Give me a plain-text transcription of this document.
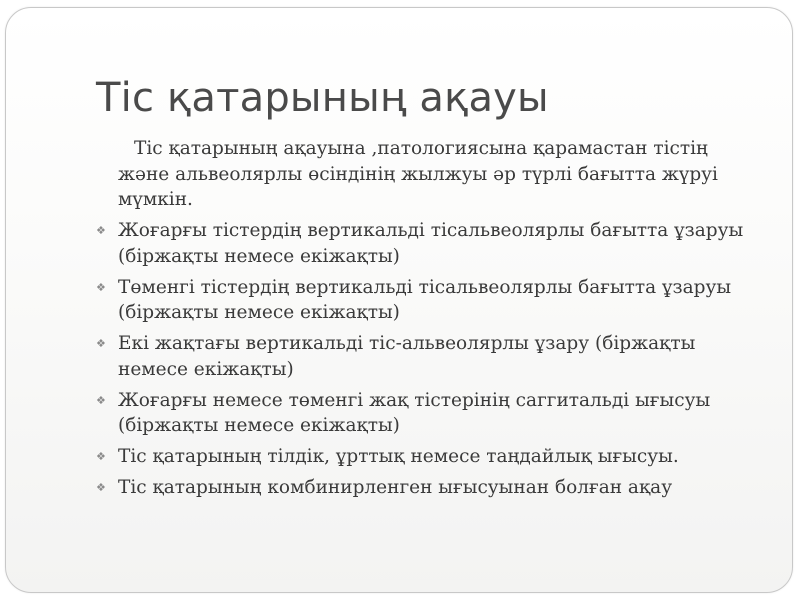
Тіс қатарының ақауы

Тіс қатарының ақауына ,патологиясына қарамастан тістің және альвеолярлы өсіндінің жылжуы әр түрлі бағытта жүруі мүмкін.

❖ Жоғарғы тістердің вертикальді тісальвеолярлы бағытта ұзаруы (біржақты немесе екіжақты)
❖ Төменгі тістердің вертикальді тісальвеолярлы бағытта ұзаруы (біржақты немесе екіжақты)
❖ Екі жақтағы вертикальді тіс-альвеолярлы ұзару (біржақты немесе екіжақты)
❖ Жоғарғы немесе төменгі жақ тістерінің саггитальді ығысуы (біржақты немесе екіжақты)
❖ Тіс қатарының тілдік, ұрттық немесе таңдайлық ығысуы.
❖ Тіс қатарының комбинирленген ығысуынан болған ақау
